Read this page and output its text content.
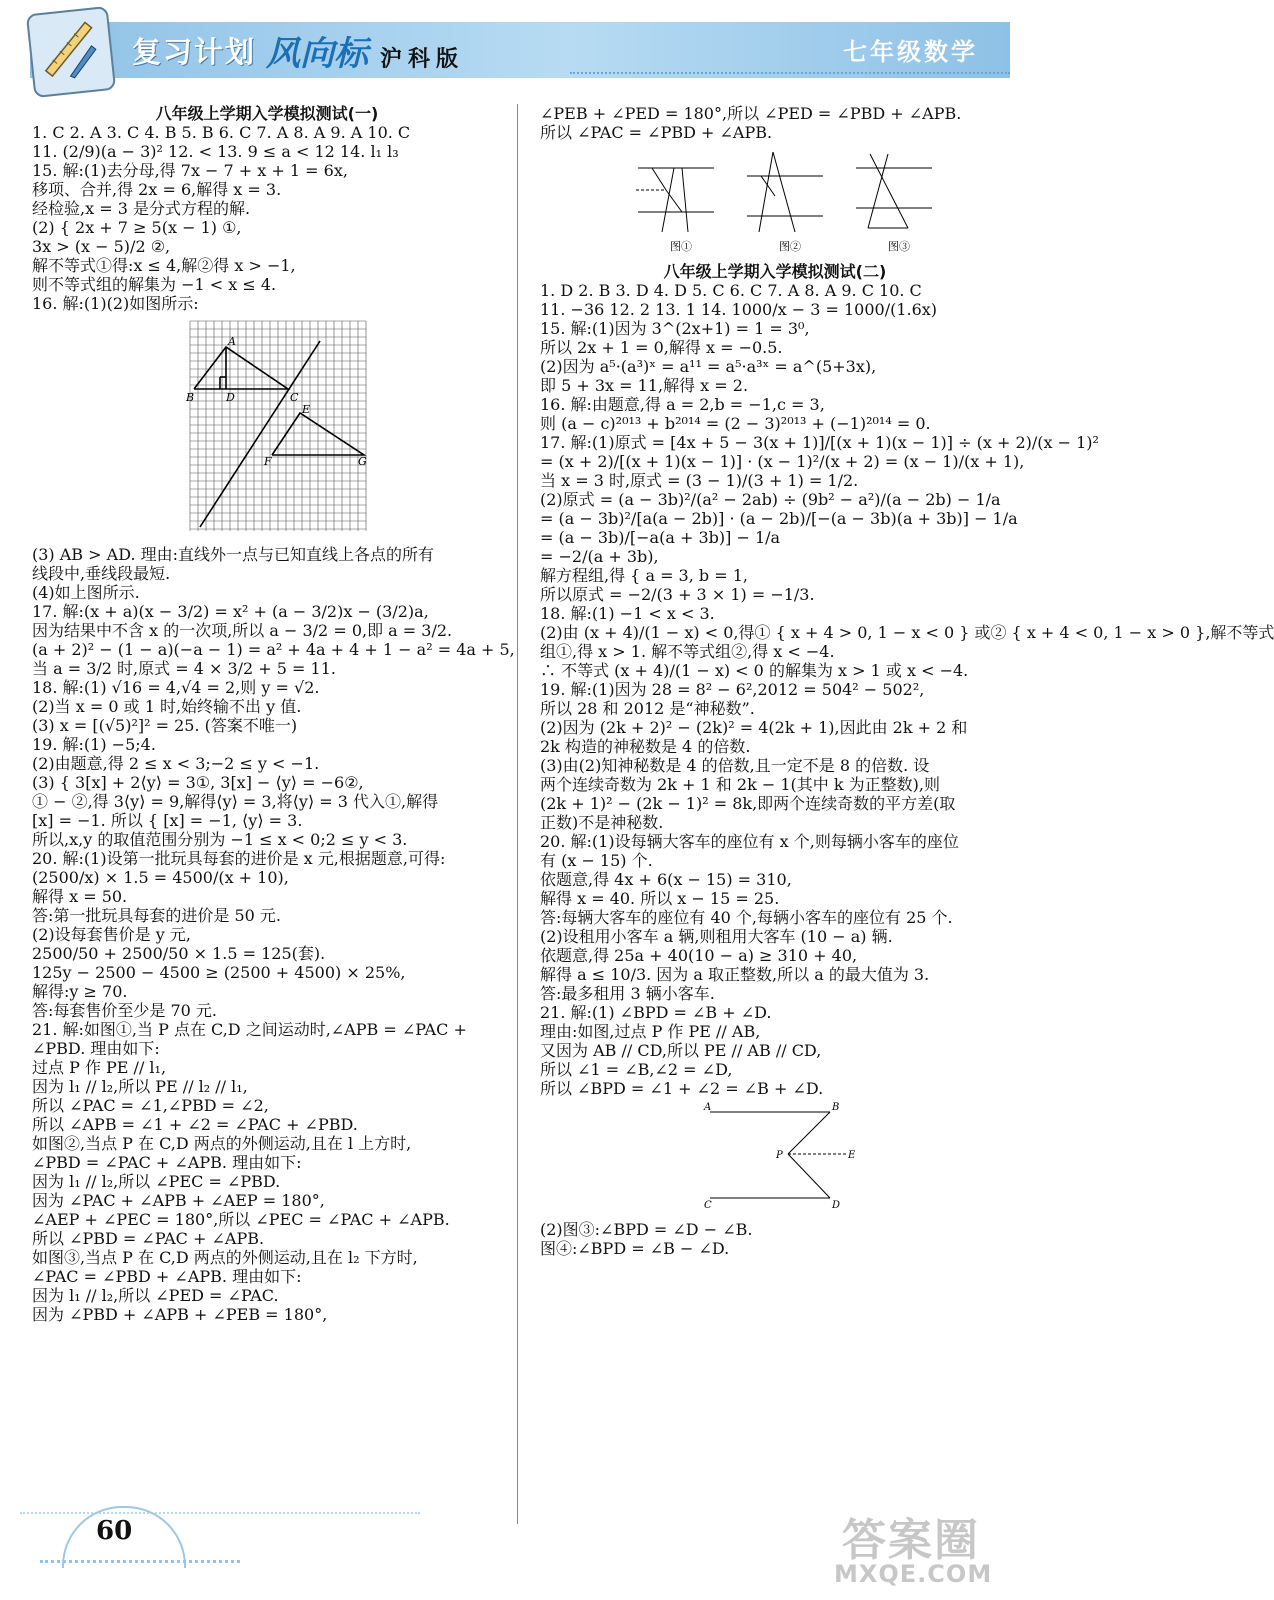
复习计划 风向标 沪科版	七年级数学
八年级上学期入学模拟测试(一)
1. C 2. A 3. C 4. B 5. B 6. C 7. A 8. A 9. A 10. C
11. (2/9)(a − 3)² 12. < 13. 9 ≤ a < 12 14. l₁ l₃
15. 解:(1)去分母,得 7x − 7 + x + 1 = 6x,
移项、合并,得 2x = 6,解得 x = 3.
经检验,x = 3 是分式方程的解.
(2) { 2x + 7 ≥ 5(x − 1) ①,
3x > (x − 5)/2 ②,
解不等式①得:x ≤ 4,解②得 x > −1,
则不等式组的解集为 −1 < x ≤ 4.
16. 解:(1)(2)如图所示:
A
B	D	C
E
F	G
(3) AB > AD. 理由:直线外一点与已知直线上各点的所有
线段中,垂线段最短.
(4)如上图所示.
17. 解:(x + a)(x − 3/2) = x² + (a − 3/2)x − (3/2)a,
因为结果中不含 x 的一次项,所以 a − 3/2 = 0,即 a = 3/2.
(a + 2)² − (1 − a)(−a − 1) = a² + 4a + 4 + 1 − a² = 4a + 5,
当 a = 3/2 时,原式 = 4 × 3/2 + 5 = 11.
18. 解:(1) √16 = 4,√4 = 2,则 y = √2.
(2)当 x = 0 或 1 时,始终输不出 y 值.
(3) x = [(√5)²]² = 25. (答案不唯一)
19. 解:(1) −5;4.
(2)由题意,得 2 ≤ x < 3;−2 ≤ y < −1.
(3) { 3[x] + 2⟨y⟩ = 3①, 3[x] − ⟨y⟩ = −6②,
① − ②,得 3⟨y⟩ = 9,解得⟨y⟩ = 3,将⟨y⟩ = 3 代入①,解得
[x] = −1. 所以 { [x] = −1, ⟨y⟩ = 3.
所以,x,y 的取值范围分别为 −1 ≤ x < 0;2 ≤ y < 3.
20. 解:(1)设第一批玩具每套的进价是 x 元,根据题意,可得:
(2500/x) × 1.5 = 4500/(x + 10),
解得 x = 50.
答:第一批玩具每套的进价是 50 元.
(2)设每套售价是 y 元,
2500/50 + 2500/50 × 1.5 = 125(套).
125y − 2500 − 4500 ≥ (2500 + 4500) × 25%,
解得:y ≥ 70.
答:每套售价至少是 70 元.
21. 解:如图①,当 P 点在 C,D 之间运动时,∠APB = ∠PAC +
∠PBD. 理由如下:
过点 P 作 PE // l₁,
因为 l₁ // l₂,所以 PE // l₂ // l₁,
所以 ∠PAC = ∠1,∠PBD = ∠2,
所以 ∠APB = ∠1 + ∠2 = ∠PAC + ∠PBD.
如图②,当点 P 在 C,D 两点的外侧运动,且在 l 上方时,
∠PBD = ∠PAC + ∠APB. 理由如下:
因为 l₁ // l₂,所以 ∠PEC = ∠PBD.
因为 ∠PAC + ∠APB + ∠AEP = 180°,
∠AEP + ∠PEC = 180°,所以 ∠PEC = ∠PAC + ∠APB.
所以 ∠PBD = ∠PAC + ∠APB.
如图③,当点 P 在 C,D 两点的外侧运动,且在 l₂ 下方时,
∠PAC = ∠PBD + ∠APB. 理由如下:
因为 l₁ // l₂,所以 ∠PED = ∠PAC.
因为 ∠PBD + ∠APB + ∠PEB = 180°,
∠PEB + ∠PED = 180°,所以 ∠PED = ∠PBD + ∠APB.
所以 ∠PAC = ∠PBD + ∠APB.
图①
	图②
	图③
八年级上学期入学模拟测试(二)
1. D 2. B 3. D 4. D 5. C 6. C 7. A 8. A 9. C 10. C
11. −36 12. 2 13. 1 14. 1000/x − 3 = 1000/(1.6x)
15. 解:(1)因为 3^(2x+1) = 1 = 3⁰,
所以 2x + 1 = 0,解得 x = −0.5.
(2)因为 a⁵·(a³)ˣ = a¹¹ = a⁵·a³ˣ = a^(5+3x),
即 5 + 3x = 11,解得 x = 2.
16. 解:由题意,得 a = 2,b = −1,c = 3,
则 (a − c)²⁰¹³ + b²⁰¹⁴ = (2 − 3)²⁰¹³ + (−1)²⁰¹⁴ = 0.
17. 解:(1)原式 = [4x + 5 − 3(x + 1)]/[(x + 1)(x − 1)] ÷ (x + 2)/(x − 1)²
= (x + 2)/[(x + 1)(x − 1)] · (x − 1)²/(x + 2) = (x − 1)/(x + 1),
当 x = 3 时,原式 = (3 − 1)/(3 + 1) = 1/2.
(2)原式 = (a − 3b)²/(a² − 2ab) ÷ (9b² − a²)/(a − 2b) − 1/a
= (a − 3b)²/[a(a − 2b)] · (a − 2b)/[−(a − 3b)(a + 3b)] − 1/a
= (a − 3b)/[−a(a + 3b)] − 1/a
= −2/(a + 3b),
解方程组,得 { a = 3, b = 1,
所以原式 = −2/(3 + 3 × 1) = −1/3.
18. 解:(1) −1 < x < 3.
(2)由 (x + 4)/(1 − x) < 0,得① { x + 4 > 0, 1 − x < 0 } 或② { x + 4 < 0, 1 − x > 0 },解不等式
组①,得 x > 1. 解不等式组②,得 x < −4.
∴ 不等式 (x + 4)/(1 − x) < 0 的解集为 x > 1 或 x < −4.
19. 解:(1)因为 28 = 8² − 6²,2012 = 504² − 502²,
所以 28 和 2012 是“神秘数”.
(2)因为 (2k + 2)² − (2k)² = 4(2k + 1),因此由 2k + 2 和
2k 构造的神秘数是 4 的倍数.
(3)由(2)知神秘数是 4 的倍数,且一定不是 8 的倍数. 设
两个连续奇数为 2k + 1 和 2k − 1(其中 k 为正整数),则
(2k + 1)² − (2k − 1)² = 8k,即两个连续奇数的平方差(取
正数)不是神秘数.
20. 解:(1)设每辆大客车的座位有 x 个,则每辆小客车的座位
有 (x − 15) 个.
依题意,得 4x + 6(x − 15) = 310,
解得 x = 40. 所以 x − 15 = 25.
答:每辆大客车的座位有 40 个,每辆小客车的座位有 25 个.
(2)设租用小客车 a 辆,则租用大客车 (10 − a) 辆.
依题意,得 25a + 40(10 − a) ≥ 310 + 40,
解得 a ≤ 10/3. 因为 a 取正整数,所以 a 的最大值为 3.
答:最多租用 3 辆小客车.
21. 解:(1) ∠BPD = ∠B + ∠D.
理由:如图,过点 P 作 PE // AB,
又因为 AB // CD,所以 PE // AB // CD,
所以 ∠1 = ∠B,∠2 = ∠D,
所以 ∠BPD = ∠1 + ∠2 = ∠B + ∠D.
A	B
C	D
P	E
(2)图③:∠BPD = ∠D − ∠B.
图④:∠BPD = ∠B − ∠D.
60	答案圈
MXQE.COM
